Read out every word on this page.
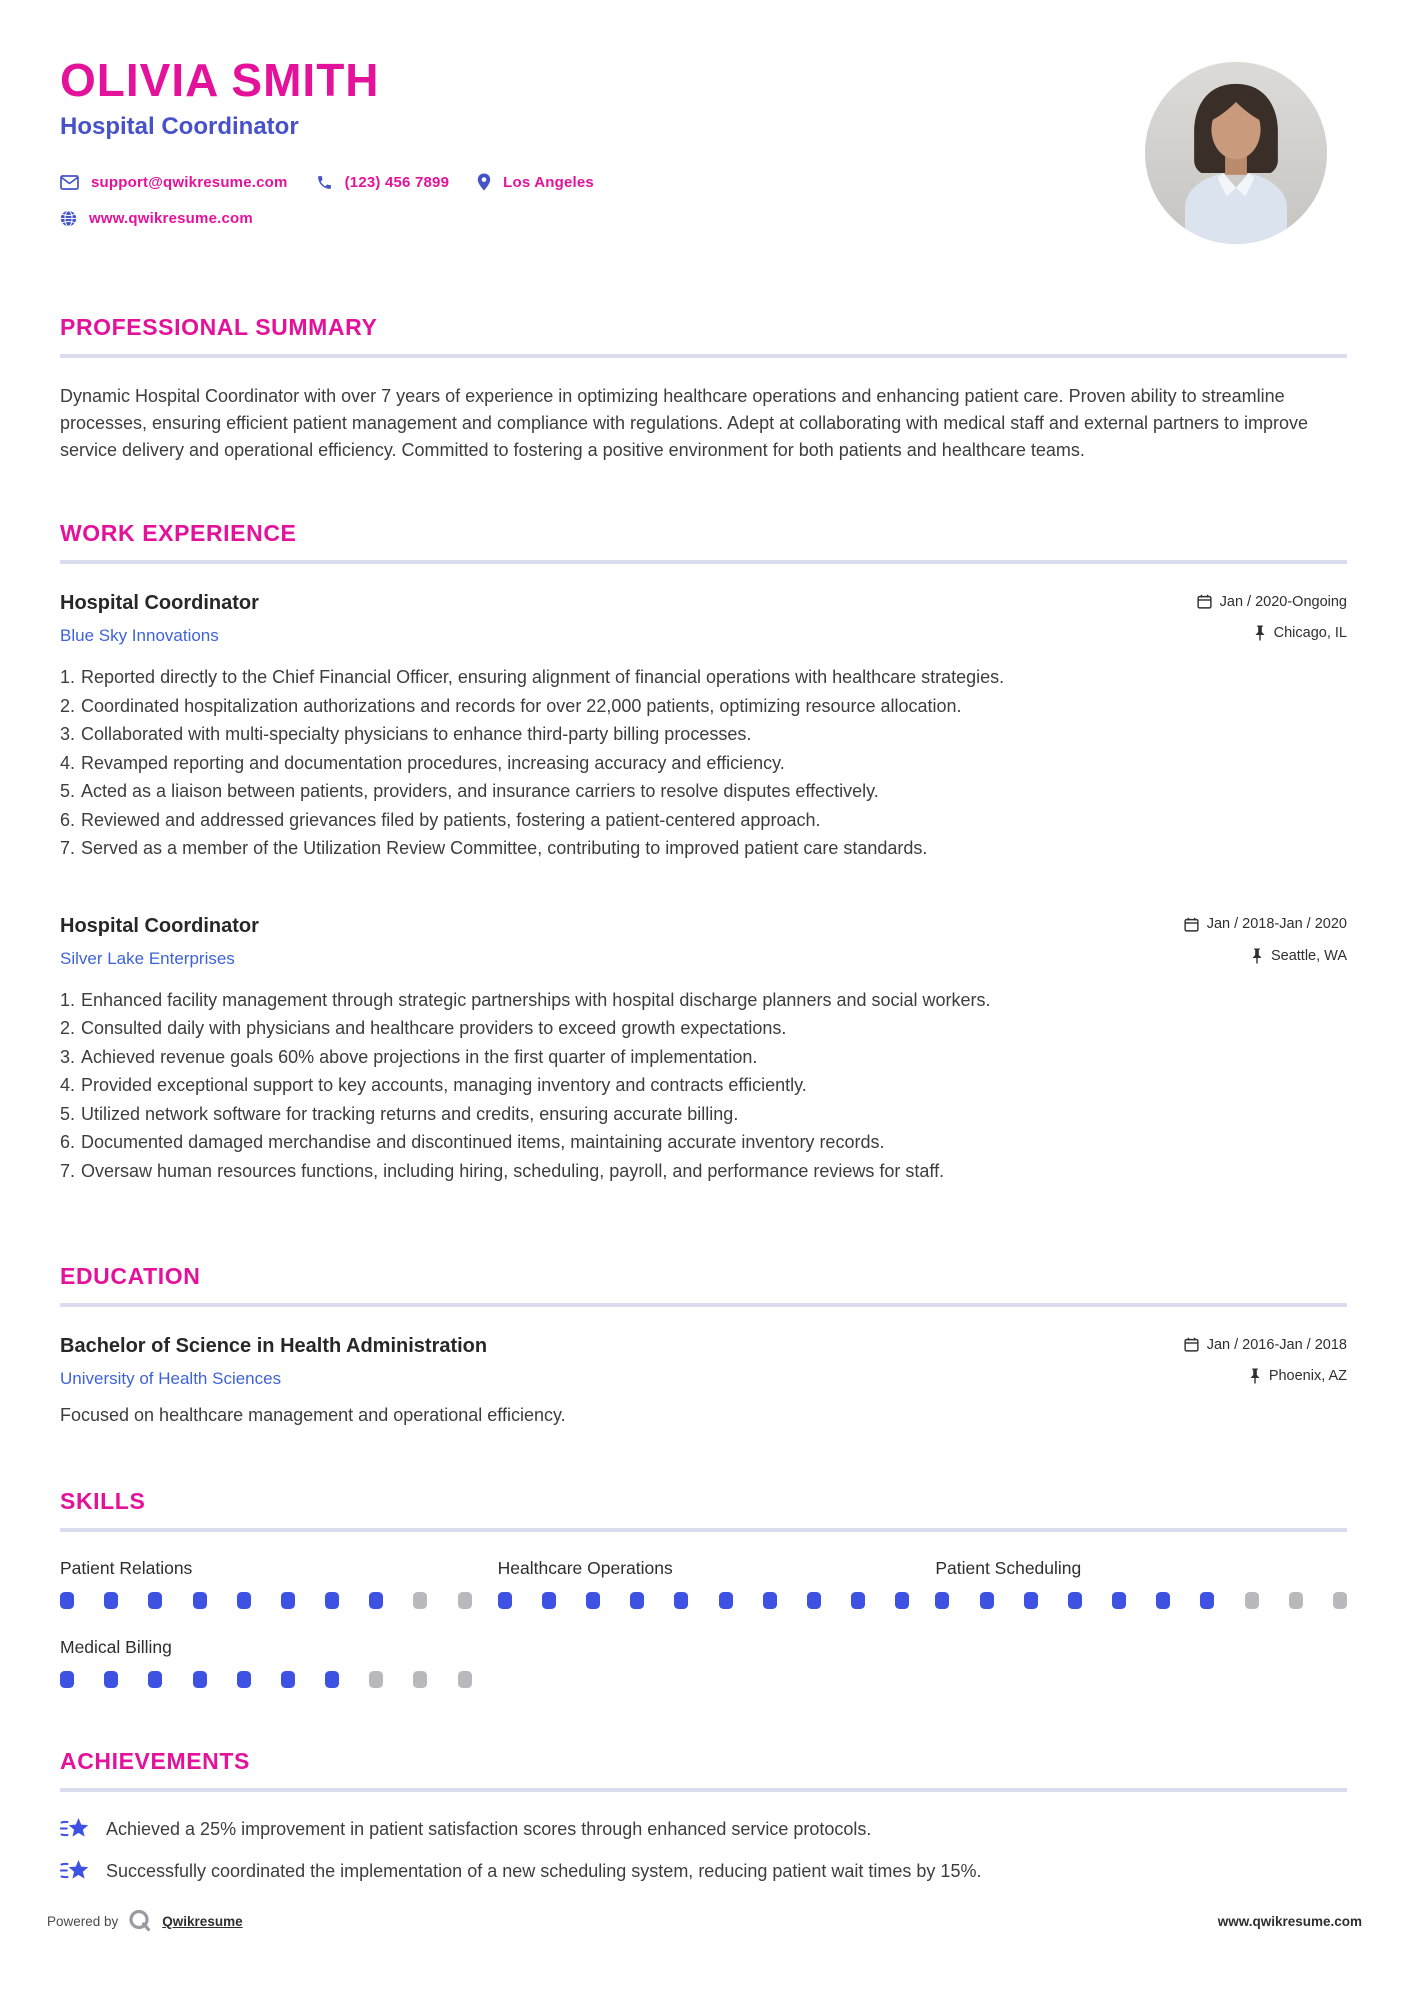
OLIVIA SMITH
Hospital Coordinator
support@qwikresume.com	(123) 456 7899	Los Angeles
www.qwikresume.com
PROFESSIONAL SUMMARY

Dynamic Hospital Coordinator with over 7 years of experience in optimizing healthcare operations and enhancing patient care. Proven ability to streamline processes, ensuring efficient patient management and compliance with regulations. Adept at collaborating with medical staff and external partners to improve service delivery and operational efficiency. Committed to fostering a positive environment for both patients and healthcare teams.

WORK EXPERIENCE
Hospital Coordinator	Jan / 2020-Ongoing
Blue Sky Innovations	Chicago, IL
1. Reported directly to the Chief Financial Officer, ensuring alignment of financial operations with healthcare strategies.
2. Coordinated hospitalization authorizations and records for over 22,000 patients, optimizing resource allocation.
3. Collaborated with multi-specialty physicians to enhance third-party billing processes.
4. Revamped reporting and documentation procedures, increasing accuracy and efficiency.
5. Acted as a liaison between patients, providers, and insurance carriers to resolve disputes effectively.
6. Reviewed and addressed grievances filed by patients, fostering a patient-centered approach.
7. Served as a member of the Utilization Review Committee, contributing to improved patient care standards.
Hospital Coordinator	Jan / 2018-Jan / 2020
Silver Lake Enterprises	Seattle, WA
1. Enhanced facility management through strategic partnerships with hospital discharge planners and social workers.
2. Consulted daily with physicians and healthcare providers to exceed growth expectations.
3. Achieved revenue goals 60% above projections in the first quarter of implementation.
4. Provided exceptional support to key accounts, managing inventory and contracts efficiently.
5. Utilized network software for tracking returns and credits, ensuring accurate billing.
6. Documented damaged merchandise and discontinued items, maintaining accurate inventory records.
7. Oversaw human resources functions, including hiring, scheduling, payroll, and performance reviews for staff.
EDUCATION
Bachelor of Science in Health Administration	Jan / 2016-Jan / 2018
University of Health Sciences	Phoenix, AZ
Focused on healthcare management and operational efficiency.
SKILLS
Patient Relations	Healthcare Operations	Patient Scheduling
Medical Billing
ACHIEVEMENTS
Achieved a 25% improvement in patient satisfaction scores through enhanced service protocols.
Successfully coordinated the implementation of a new scheduling system, reducing patient wait times by 15%.
Powered by	Qwikresume	www.qwikresume.com
